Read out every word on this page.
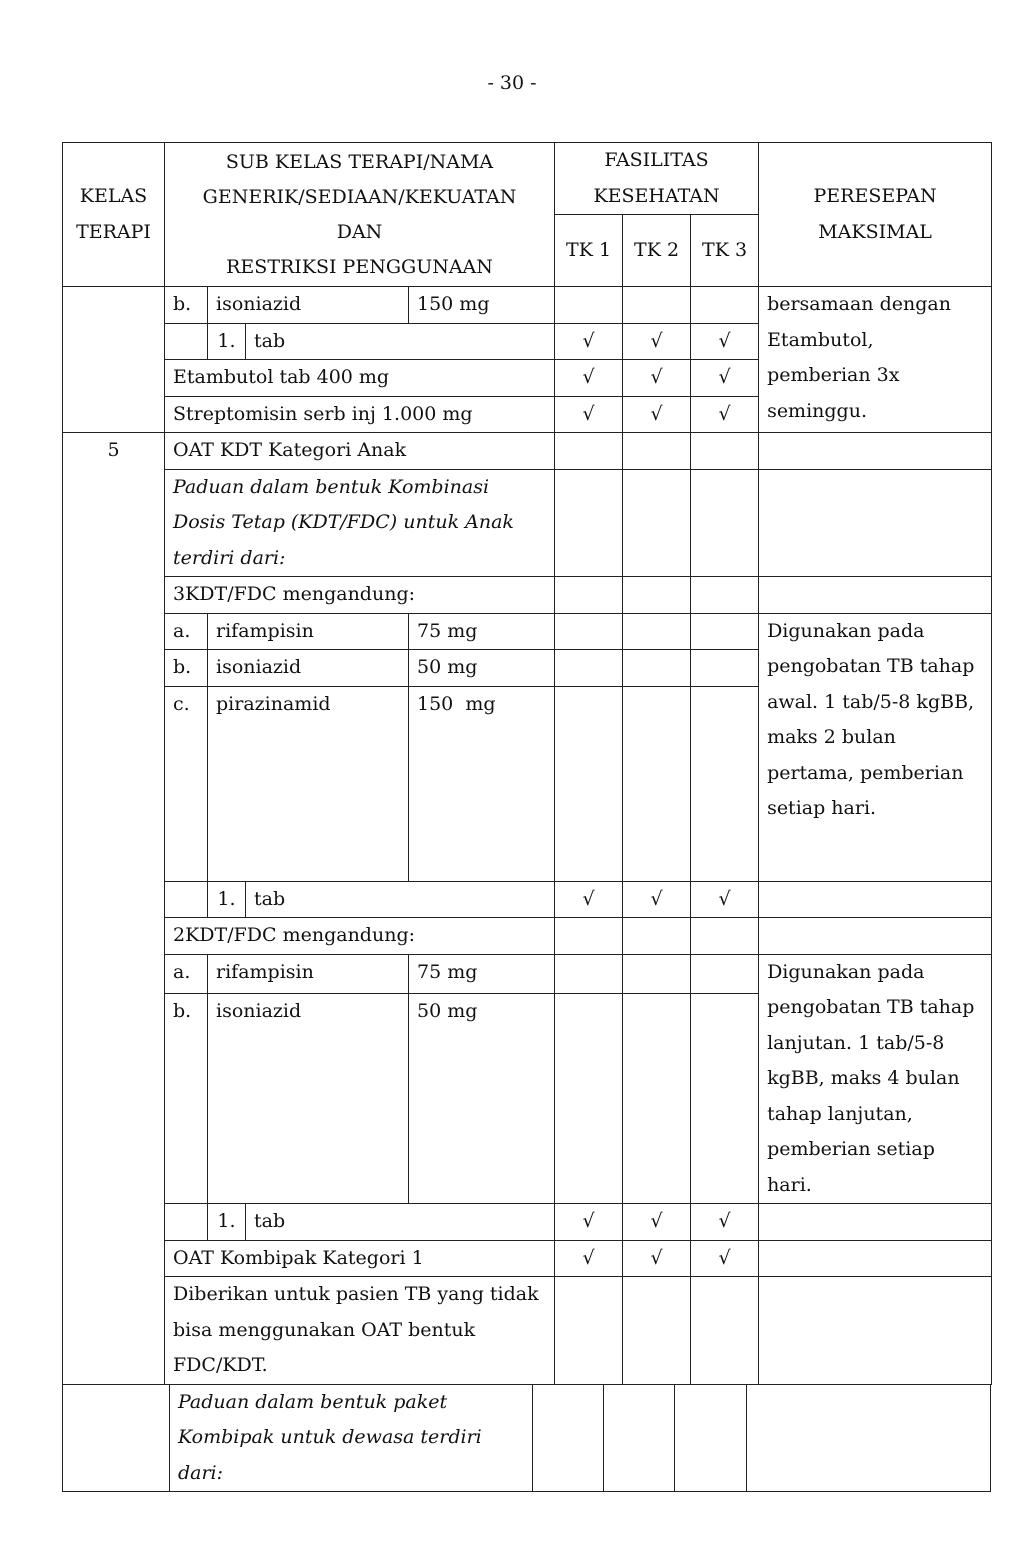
- 30 -
KELAS TERAPI	SUB KELAS TERAPI/NAMA
GENERIK/SEDIAAN/KEKUATAN
DAN
RESTRIKSI PENGGUNAAN				FASILITAS KESEHATAN			PERESEPAN MAKSIMAL
					TK 1	TK 2	TK 3	
	b.	isoniazid		150 mg				bersamaan dengan Etambutol, pemberian 3x seminggu.
		1.	tab		√	√	√	
	Etambutol tab 400 mg				√	√	√	
	Streptomisin serb inj 1.000 mg				√	√	√	
5	OAT KDT Kategori Anak							
	Paduan dalam bentuk Kombinasi Dosis Tetap (KDT/FDC) untuk Anak terdiri dari:							
	3KDT/FDC mengandung:							
	a.	rifampisin		75 mg				Digunakan pada pengobatan TB tahap awal. 1 tab/5-8 kgBB, maks 2 bulan pertama, pemberian setiap hari.
	b.	isoniazid		50 mg				
	c.	pirazinamid		150  mg				
		1.	tab		√	√	√	
	2KDT/FDC mengandung:							
	a.	rifampisin		75 mg				Digunakan pada pengobatan TB tahap lanjutan. 1 tab/5-8 kgBB, maks 4 bulan tahap lanjutan, pemberian setiap hari.
	b.	isoniazid		50 mg				
		1.	tab		√	√	√	
	OAT Kombipak Kategori 1				√	√	√	
	Diberikan untuk pasien TB yang tidak bisa menggunakan OAT bentuk FDC/KDT.							
	Paduan dalam bentuk paket Kombipak untuk dewasa terdiri dari:				
